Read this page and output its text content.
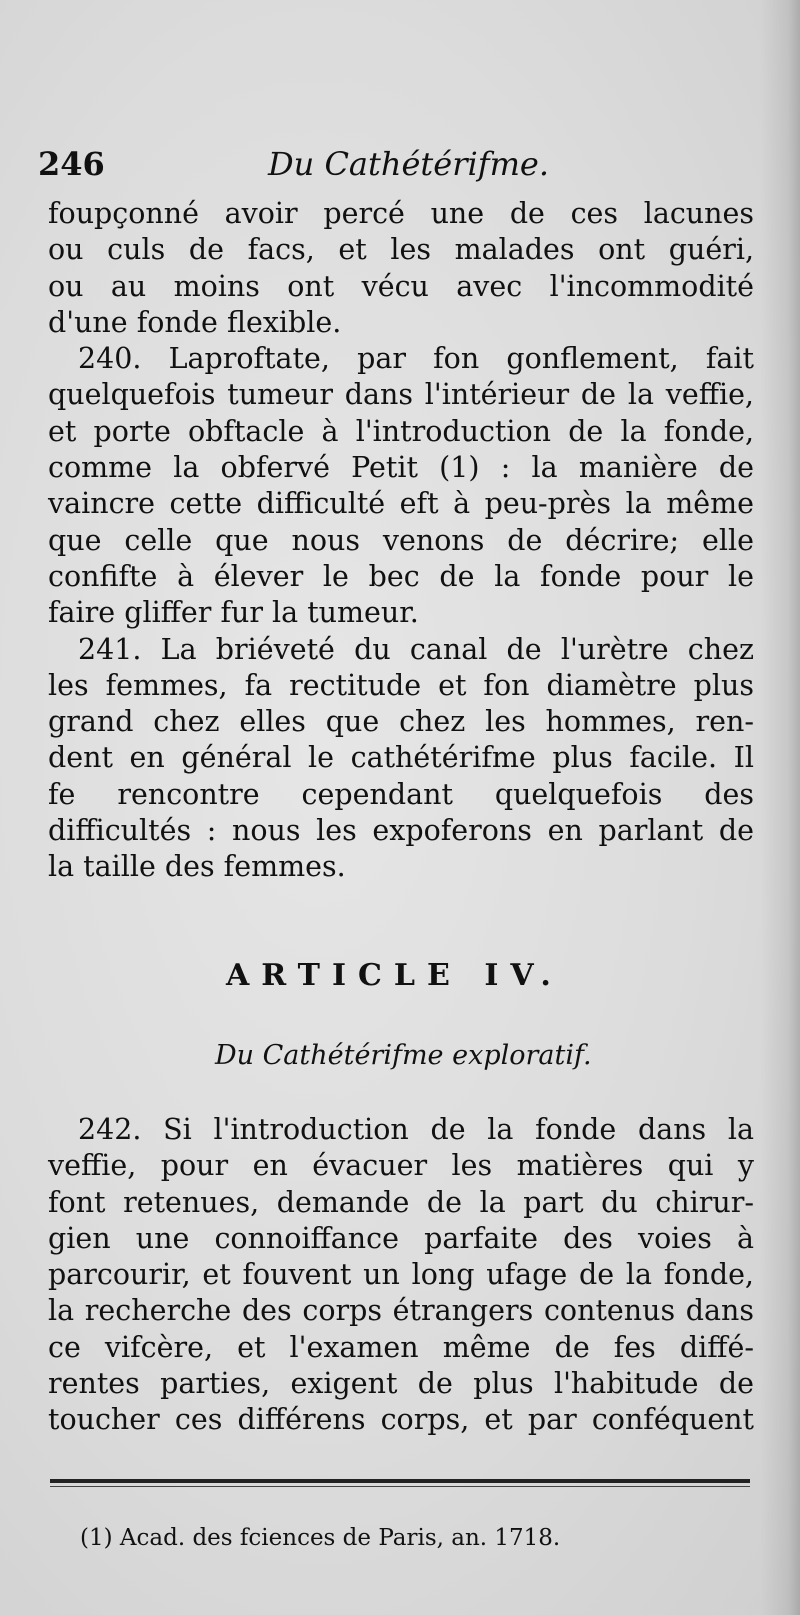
246	Du Cathétérifme.
foupçonné avoir percé une de ces lacunes
ou culs de facs, et les malades ont guéri,
ou au moins ont vécu avec l'incommodité
d'une fonde flexible.
240. Laproftate, par fon gonflement, fait
quelquefois tumeur dans l'intérieur de la veffie,
et porte obftacle à l'introduction de la fonde,
comme la obfervé Petit (1) : la manière de
vaincre cette difficulté eft à peu-près la même
que celle que nous venons de décrire; elle
confifte à élever le bec de la fonde pour le
faire gliffer fur la tumeur.
241. La briéveté du canal de l'urètre chez
les femmes, fa rectitude et fon diamètre plus
grand chez elles que chez les hommes, ren-
dent en général le cathétérifme plus facile. Il
fe rencontre cependant quelquefois des
difficultés : nous les expoferons en parlant de
la taille des femmes.
ARTICLE IV.
Du Cathétérifme exploratif.
242. Si l'introduction de la fonde dans la
veffie, pour en évacuer les matières qui y
font retenues, demande de la part du chirur-
gien une connoiffance parfaite des voies à
parcourir, et fouvent un long ufage de la fonde,
la recherche des corps étrangers contenus dans
ce vifcère, et l'examen même de fes diffé-
rentes parties, exigent de plus l'habitude de
toucher ces différens corps, et par conféquent
(1) Acad. des fciences de Paris, an. 1718.
